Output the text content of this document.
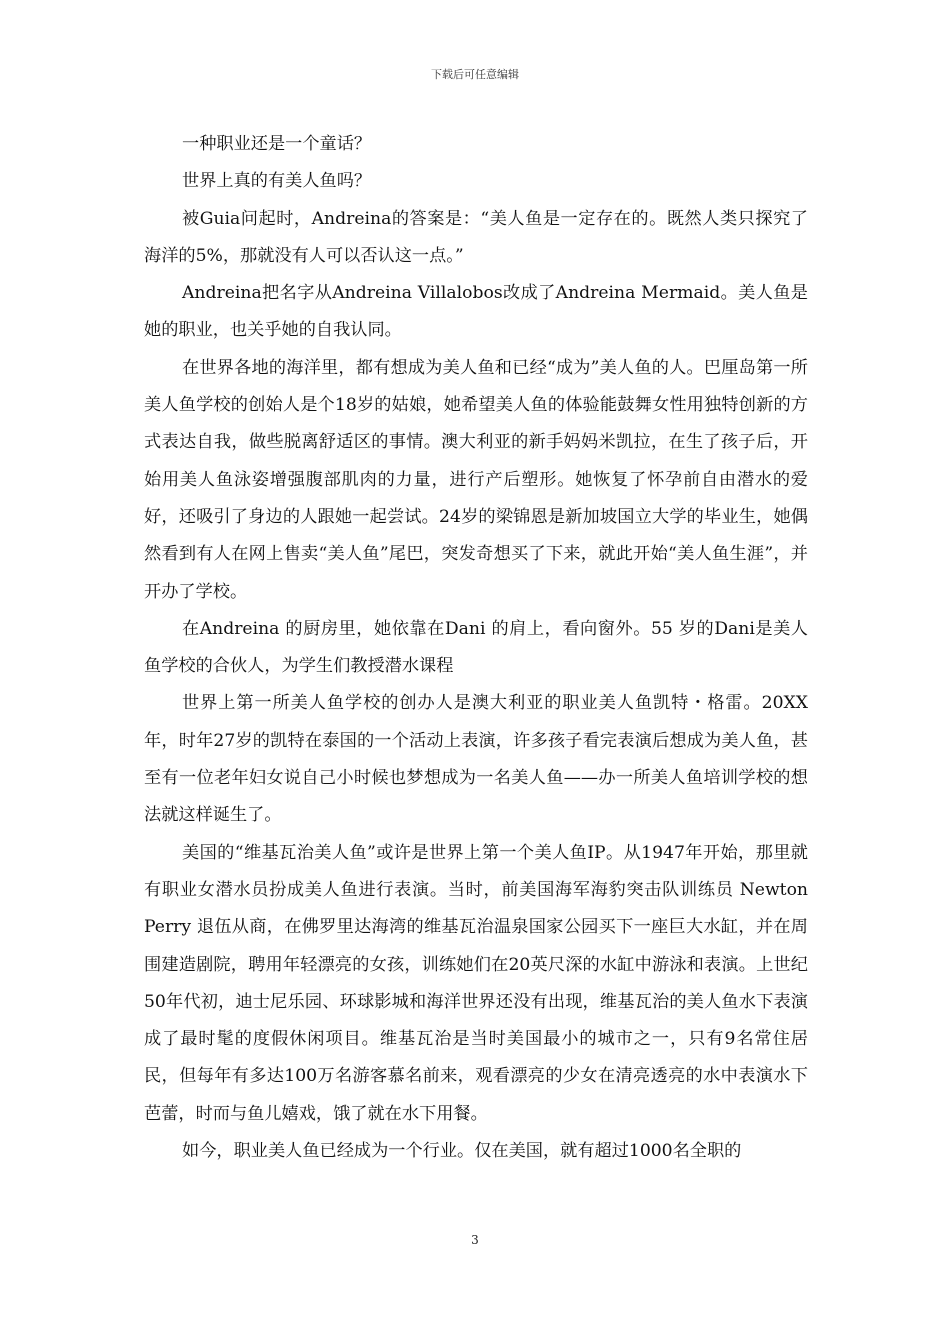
下载后可任意编辑

一种职业还是一个童话？

世界上真的有美人鱼吗？

被Guia问起时，Andreina的答案是：“美人鱼是一定存在的。既然人类只探究了海洋的5%，那就没有人可以否认这一点。”

Andreina把名字从Andreina Villalobos改成了Andreina Mermaid。美人鱼是她的职业，也关乎她的自我认同。

在世界各地的海洋里，都有想成为美人鱼和已经“成为”美人鱼的人。巴厘岛第一所美人鱼学校的创始人是个18岁的姑娘，她希望美人鱼的体验能鼓舞女性用独特创新的方式表达自我，做些脱离舒适区的事情。澳大利亚的新手妈妈米凯拉，在生了孩子后，开始用美人鱼泳姿增强腹部肌肉的力量，进行产后塑形。她恢复了怀孕前自由潜水的爱好，还吸引了身边的人跟她一起尝试。24岁的梁锦恩是新加坡国立大学的毕业生，她偶然看到有人在网上售卖“美人鱼”尾巴，突发奇想买了下来，就此开始“美人鱼生涯”，并开办了学校。

在Andreina 的厨房里，她依靠在Dani 的肩上，看向窗外。55 岁的Dani是美人鱼学校的合伙人，为学生们教授潜水课程

世界上第一所美人鱼学校的创办人是澳大利亚的职业美人鱼凯特・格雷。20XX年，时年27岁的凯特在泰国的一个活动上表演，许多孩子看完表演后想成为美人鱼，甚至有一位老年妇女说自己小时候也梦想成为一名美人鱼——办一所美人鱼培训学校的想法就这样诞生了。

美国的“维基瓦治美人鱼”或许是世界上第一个美人鱼IP。从1947年开始，那里就有职业女潜水员扮成美人鱼进行表演。当时，前美国海军海豹突击队训练员 Newton Perry 退伍从商，在佛罗里达海湾的维基瓦治温泉国家公园买下一座巨大水缸，并在周围建造剧院，聘用年轻漂亮的女孩，训练她们在20英尺深的水缸中游泳和表演。上世纪50年代初，迪士尼乐园、环球影城和海洋世界还没有出现，维基瓦治的美人鱼水下表演成了最时髦的度假休闲项目。维基瓦治是当时美国最小的城市之一，只有9名常住居民，但每年有多达100万名游客慕名前来，观看漂亮的少女在清亮透亮的水中表演水下芭蕾，时而与鱼儿嬉戏，饿了就在水下用餐。

如今，职业美人鱼已经成为一个行业。仅在美国，就有超过1000名全职的

3
